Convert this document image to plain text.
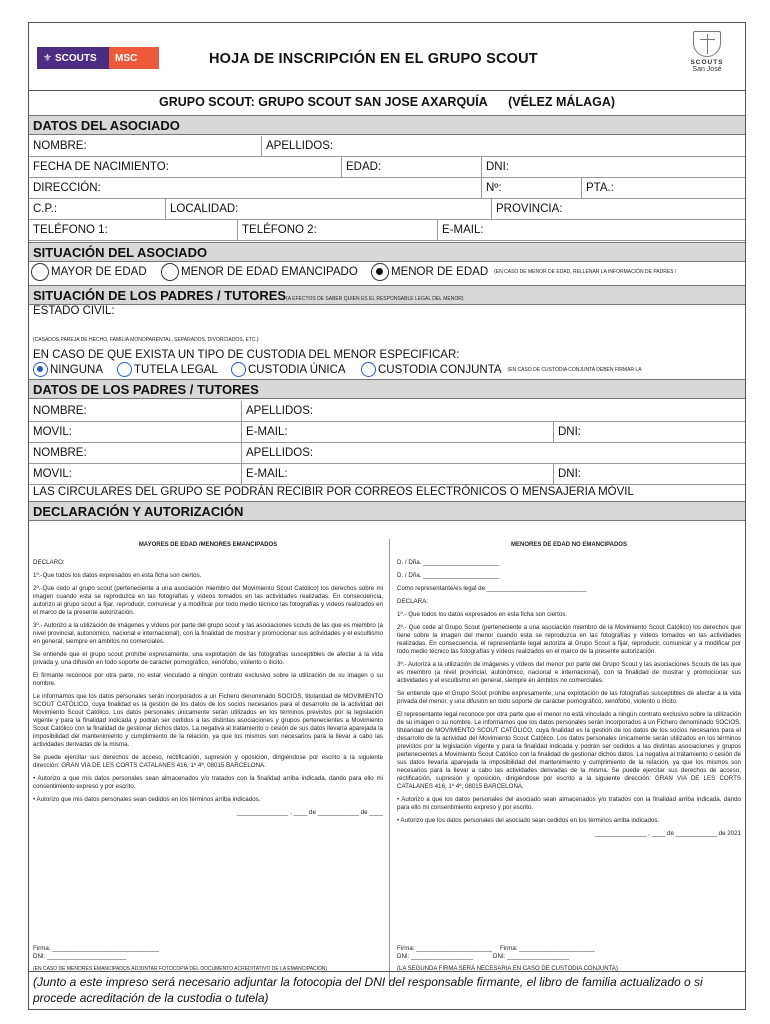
⚜ SCOUTS	MSC	HOJA DE INSCRIPCIÓN EN EL GRUPO SCOUT	SCOUTS
San José
GRUPO SCOUT: GRUPO SCOUT SAN JOSE AXARQUÍA      (VÉLEZ MÁLAGA)
DATOS DEL ASOCIADO
NOMBRE:	APELLIDOS:
FECHA DE NACIMIENTO:	EDAD:	DNI:
DIRECCIÓN:	Nº:	PTA.:
C.P.:	LOCALIDAD:	PROVINCIA:
TELÉFONO 1:	TELÉFONO 2:	E-MAIL:
SITUACIÓN DEL ASOCIADO
MAYOR DE EDAD	MENOR DE EDAD EMANCIPADO	MENOR DE EDAD (EN CASO DE MENOR DE EDAD, RELLENAR LA INFORMACIÓN DE PADRES /
SITUACIÓN DE LOS PADRES / TUTORES(A EFECTOS DE SABER QUIEN ES EL RESPONSABLE LEGAL DEL MENOR)
ESTADO CIVIL:
(CASADOS,PAREJA DE HECHO, FAMILIA MONOPARENTAL, SEPARADOS, DIVORCIADOS, ETC.)
EN CASO DE QUE EXISTA UN TIPO DE CUSTODIA DEL MENOR ESPECIFICAR:
NINGUNA	TUTELA LEGAL	CUSTODIA ÚNICA	CUSTODIA CONJUNTA (EN CASO DE CUSTODIA CONJUNTA DEBEN FIRMAR LA
DATOS DE LOS PADRES / TUTORES
NOMBRE:	APELLIDOS:
MOVIL:	E-MAIL:	DNI:
NOMBRE:	APELLIDOS:
MOVIL:	E-MAIL:	DNI:
LAS CIRCULARES DEL GRUPO SE PODRÁN RECIBIR POR CORREOS ELECTRÓNICOS O MENSAJERIA MÓVIL
DECLARACIÓN Y AUTORIZACIÓN
MAYORES DE EDAD /MENORES EMANCIPADOS

DECLARO:

1º.-Que todos los datos expresados en esta ficha son ciertos.

2º.-Que cedo al grupo scout (perteneciente a una asociación miembro del Movimiento Scout Católico) los derechos sobre mi imagen cuando esta se reproduzca en las fotografías y vídeos tomados en las actividades realizadas. En consecuencia, autorizo al grupo scout a fijar, reproducir, comunicar y a modificar por todo medio técnico las fotografías y vídeos realizados en el marco de la presente autorización.

3º.- Autorizo a la utilización de imágenes y vídeos por parte del grupo scout y las asociaciones scouts de las que es miembro (a nivel provincial, autonómico, nacional e internacional), con la finalidad de mostrar y promocionar sus actividades y el escultismo en general, siempre en ámbitos no comerciales.

Se entiende que el grupo scout prohíbe expresamente, una explotación de las fotografías susceptibles de afectar a la vida privada y, una difusión en todo soporte de carácter pornográfico, xenófobo, violento o ilícito.

El firmante reconoce por otra parte, no estar vinculado a ningún contrato exclusivo sobre la utilización de su imagen o su nombre.

Le informamos que los datos personales serán incorporados a un Fichero denominado SOCIOS, titularidad de MOVIMIENTO SCOUT CATÓLICO, cuya finalidad es la gestión de los datos de los socios necesarios para el desarrollo de la actividad del Movimiento Scout Católico. Los datos personales únicamente serán utilizados en los términos previstos por la legislación vigente y para la finalidad indicada y podrán ser cedidos a las distintas asociaciones y grupos pertenecientes a Movimiento Scout Católico con la finalidad de gestionar dichos datos. La negativa al tratamiento o cesión de sus datos llevaría aparejada la imposibilidad del mantenimiento y cumplimiento de la relación, ya que los mismos son necesarios para la llevar a cabo las actividades derivadas de la misma.

Se puede ejercitar sus derechos de acceso, rectificación, supresión y oposición, dirigiéndose por escrito a la siguiente dirección: GRAN VIA DE LES CORTS CATALANES 416, 1º 4ª, 08015 BARCELONA.

• Autorizo a que mis datos personales sean almacenados y/o tratados con la finalidad arriba indicada, dando para ello mi consentimiento expreso y por escrito.

• Autorizo que mis datos personales sean cedidos en los términos arriba indicados.

_______________ , ____ de ____________ de ____

Firma: _______________________________
DNI: _______________________
(EN CASO DE MENORES EMANCIPADOS ADJUNTAR FOTOCOPIA DEL DOCUMENTO ACREDITATIVO DE LA EMANCIPACIÓN)
MENORES DE EDAD NO EMANCIPADOS

D. / Dña. ______________________

D. / Dña. ______________________

Como representante/es legal de _____________________________

DECLARA:

1º.- Que todos los datos expresados en esta ficha son ciertos.

2º.- Que cede al Grupo Scout (perteneciente a una asociación miembro de la Movimiento Scout Católico) los derechos que tiene sobre la imagen del menor cuando esta se reproduzca en las fotografías y vídeos tomados en las actividades realizadas. En consecuencia, el representante legal autoriza al Grupo Scout a fijar, reproducir, comunicar y a modificar por todo medio técnico las fotografías y vídeos realizados en el marco de la presente autorización.

3º.- Autoriza a la utilización de imágenes y vídeos del menor por parte del Grupo Scout y las asociaciones Scouts de las que es miembro (a nivel provincial, autonómico, nacional e internacional), con la finalidad de mostrar y promocionar sus actividades y el escultismo en general, siempre en ámbitos no comerciales.

Se entiende que el Grupo Scout prohíbe expresamente, una explotación de las fotografías susceptibles de afectar a la vida privada del menor, y una difusión en todo soporte de carácter pornográfico, xenófobo, violento o ilícito.

El representante legal reconoce por otra parte que el menor no está vinculado a ningún contrato exclusivo sobre la utilización de su imagen o su nombre. Le informamos que los datos personales serán incorporados a un Fichero denominado SOCIOS, titularidad de MOVIMIENTO SCOUT CATÓLICO, cuya finalidad es la gestión de los datos de los socios necesarios para el desarrollo de la actividad del Movimiento Scout Católico. Los datos personales únicamente serán utilizados en los términos previstos por la legislación vigente y para la finalidad indicada y podrán ser cedidos a las distintas asociaciones y grupos pertenecientes a Movimiento Scout Católico con la finalidad de gestionar dichos datos. La negativa al tratamiento o cesión de sus datos llevaría aparejada la imposibilidad del mantenimiento y cumplimiento de la relación, ya que los mismos son necesarios para la llevar a cabo las actividades derivadas de la misma. Se puede ejercitar sus derechos de acceso, rectificación, supresión y oposición, dirigiéndose por escrito a la siguiente dirección: GRAN VIA DE LES CORTS CATALANES 416, 1º 4ª, 08015 BARCELONA.

• Autorizo a que los datos personales del asociado sean almacenados y/o tratados con la finalidad arriba indicada, dando para ello mi consentimiento expreso y por escrito.

• Autorizo que los datos personales del asociado sean cedidos en los términos arriba indicados.

_______________ , ____ de ____________ de 2021

Firma: ______________________ Firma: ______________________
DNI: __________________	DNI: __________________
(LA SEGUNDA FIRMA SERÁ NECESARIA EN CASO DE CUSTODIA CONJUNTA)
(Junto a este impreso será necesario adjuntar la fotocopia del DNI del responsable firmante, el libro de familia actualizado o si procede acreditación de la custodia o tutela)
